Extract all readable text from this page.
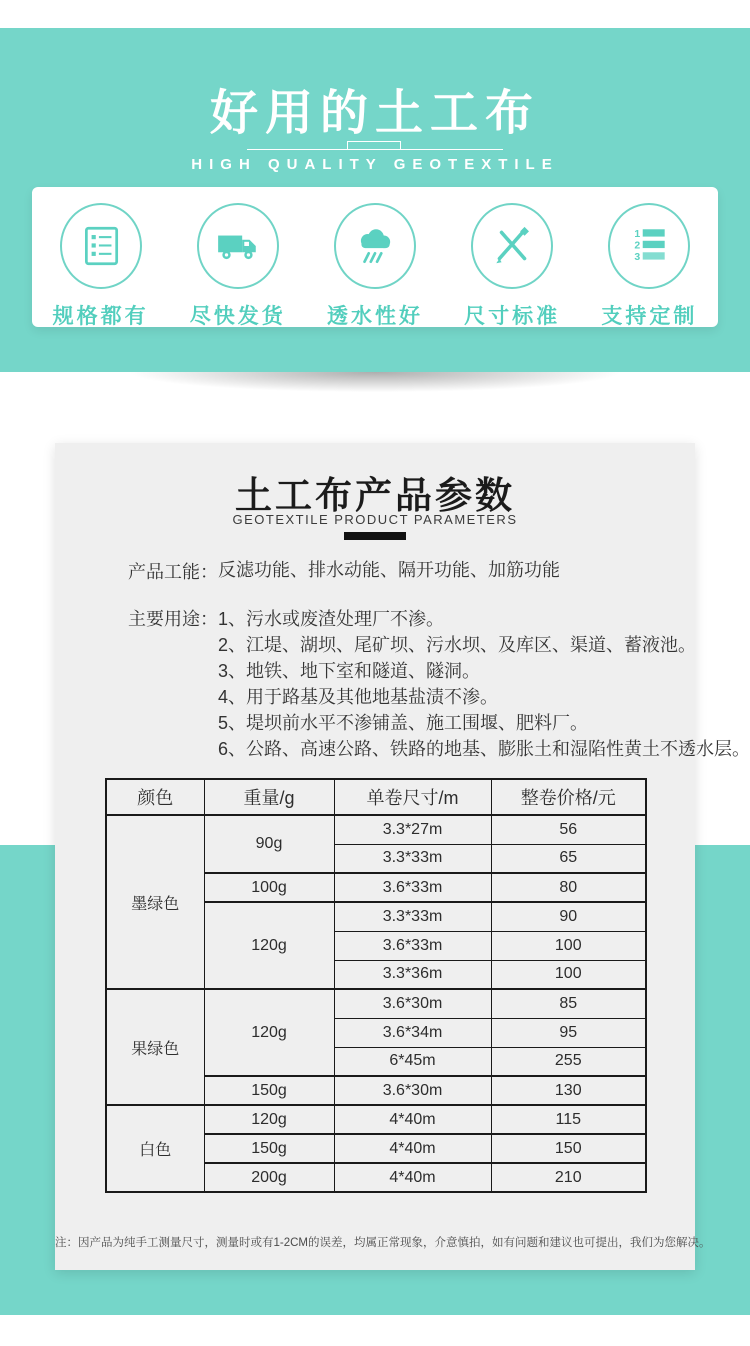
好用的土工布
HIGH QUALITY GEOTEXTILE
规格都有 尽快发货 透水性好 尺寸标准
1
2
3
支持定制
土工布产品参数
GEOTEXTILE PRODUCT PARAMETERS
产品工能： 反滤功能、排水动能、隔开功能、加筋功能
主要用途： 1、污水或废渣处理厂不渗。
2、江堤、湖坝、尾矿坝、污水坝、及库区、渠道、蓄液池。
3、地铁、地下室和隧道、隧洞。
4、用于路基及其他地基盐渍不渗。
5、堤坝前水平不渗铺盖、施工围堰、肥料厂。
6、公路、高速公路、铁路的地基、膨胀土和湿陷性黄土不透水层。
颜色	重量/g	单卷尺寸/m	整卷价格/元
墨绿色	90g	3.3*27m	56
		3.3*33m	65
	100g	3.6*33m	80
	120g	3.3*33m	90
		3.6*33m	100
		3.3*36m	100
果绿色	120g	3.6*30m	85
		3.6*34m	95
		6*45m	255
	150g	3.6*30m	130
白色	120g	4*40m	115
	150g	4*40m	150
	200g	4*40m	210
注：因产品为纯手工测量尺寸，测量时或有1-2CM的误差，均属正常现象，介意慎拍，如有问题和建议也可提出，我们为您解决。
